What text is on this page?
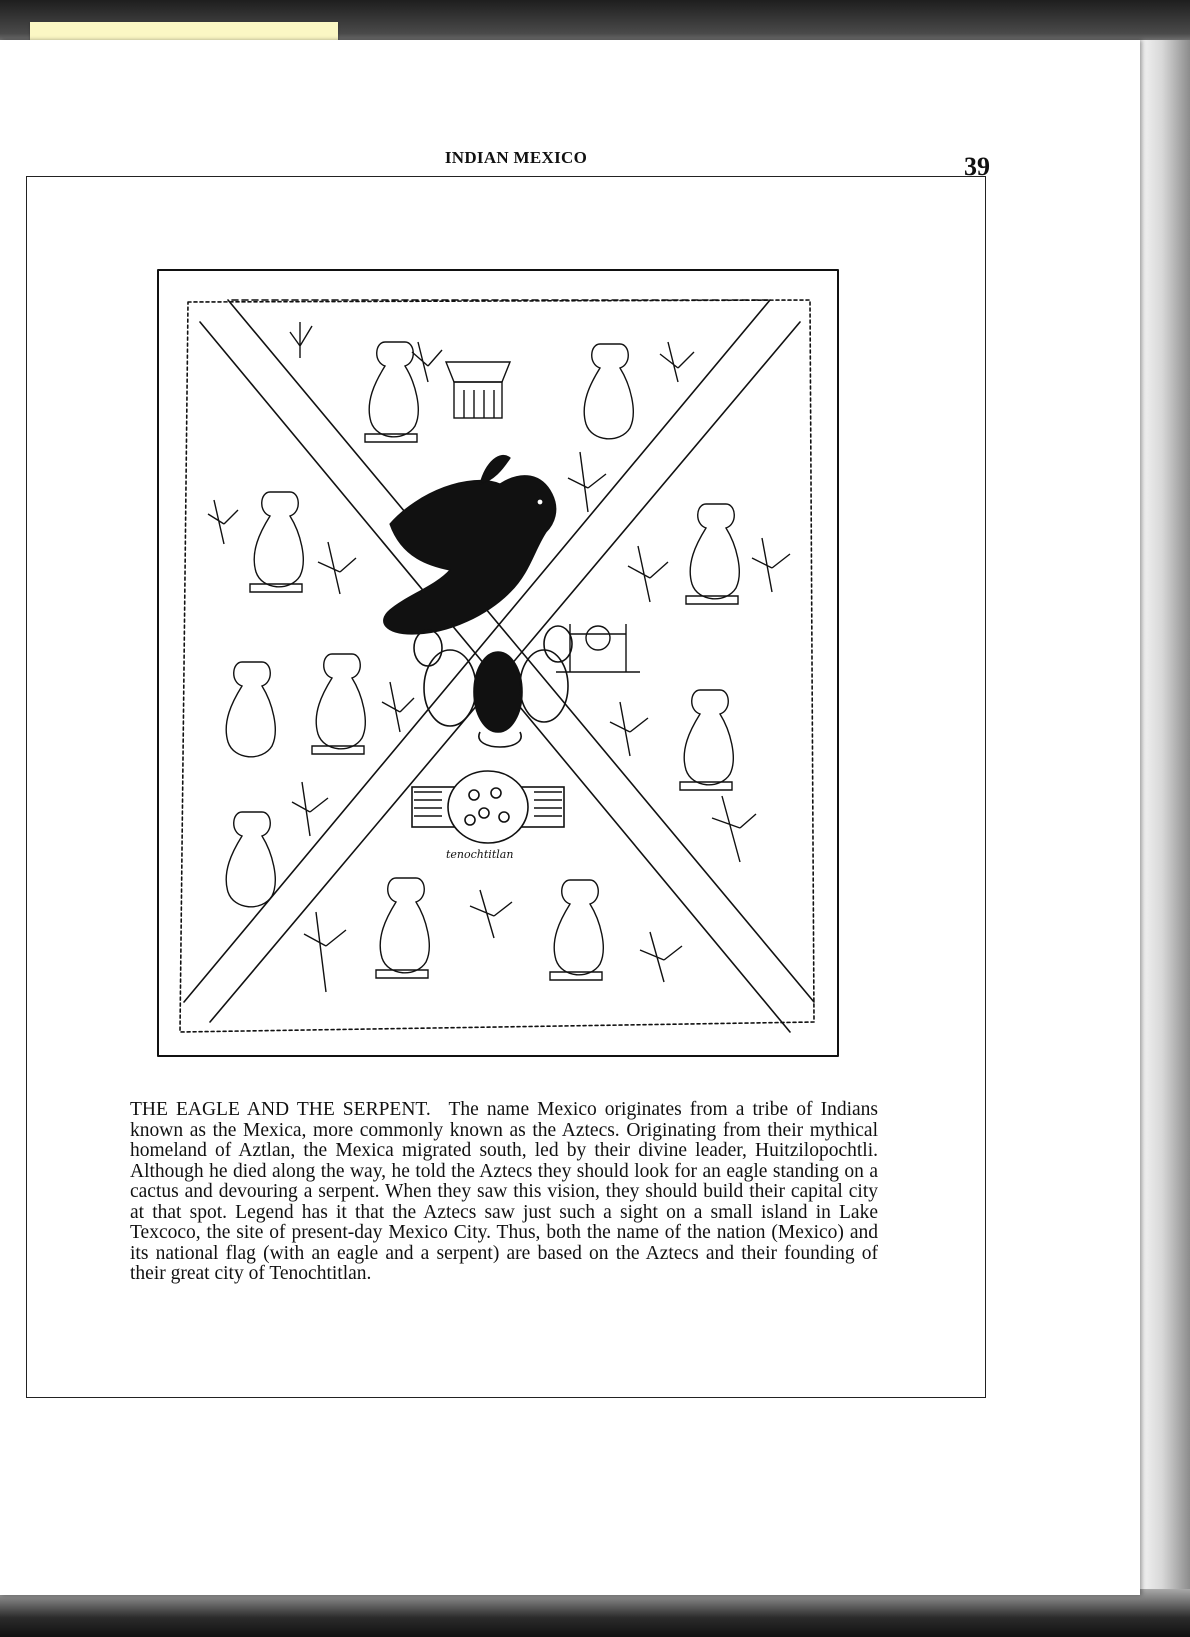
INDIAN MEXICO	39
tenochtitlan
THE EAGLE AND THE SERPENT. The name Mexico originates from a tribe of Indians known as the Mexica, more commonly known as the Aztecs. Originating from their mythical homeland of Aztlan, the Mexica migrated south, led by their divine leader, Huitzilopochtli. Although he died along the way, he told the Aztecs they should look for an eagle standing on a cactus and devouring a serpent. When they saw this vision, they should build their capital city at that spot. Legend has it that the Aztecs saw just such a sight on a small island in Lake Texcoco, the site of present-day Mexico City. Thus, both the name of the nation (Mexico) and its national flag (with an eagle and a serpent) are based on the Aztecs and their founding of their great city of Tenochtitlan.
